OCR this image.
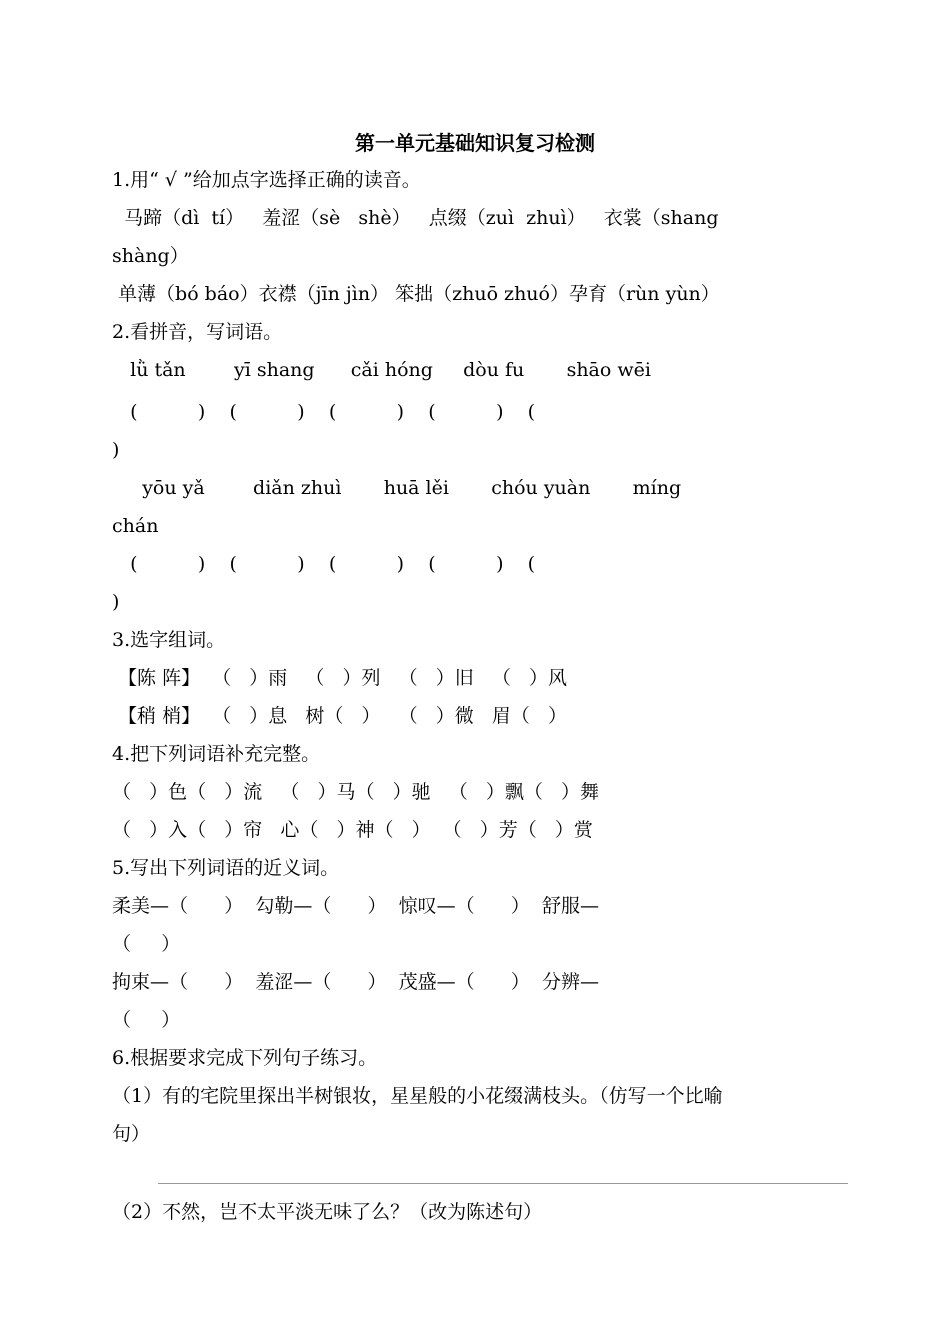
第一单元基础知识复习检测
1.用“ √ ”给加点字选择正确的读音。
马蹄（dì  tí）   羞涩（sè   shè）   点缀（zuì  zhuì）   衣裳（shang
shàng）
单薄（bó báo）衣襟（jīn jìn） 笨拙（zhuō zhuó）孕育（rùn yùn）
2.看拼音，写词语。
lǜ tǎn        yī shang      cǎi hóng     dòu fu       shāo wēi
(          )    (          )    (          )    (          )    (
)
yōu yǎ        diǎn zhuì       huā lěi       chóu yuàn       míng
chán
(          )    (          )    (          )    (          )    (
)
3.选字组词。
【陈 阵】  （   ）雨   （   ）列   （   ）旧   （   ）风
【稍 梢】  （   ）息   树（   ）   （   ）微   眉（   ）
4.把下列词语补充完整。
（   ）色（   ）流   （   ）马（   ）驰   （   ）飘（   ）舞
（   ）入（   ）帘   心（   ）神（   ）  （   ）芳（   ）赏
5.写出下列词语的近义词。
柔美—（      ）  勾勒—（      ）  惊叹—（      ）  舒服—
（     ）
拘束—（      ）  羞涩—（      ）  茂盛—（      ）  分辨—
（     ）
6.根据要求完成下列句子练习。
（1）有的宅院里探出半树银妆，星星般的小花缀满枝头。（仿写一个比喻
句）
（2）不然，岂不太平淡无味了么？（改为陈述句）
